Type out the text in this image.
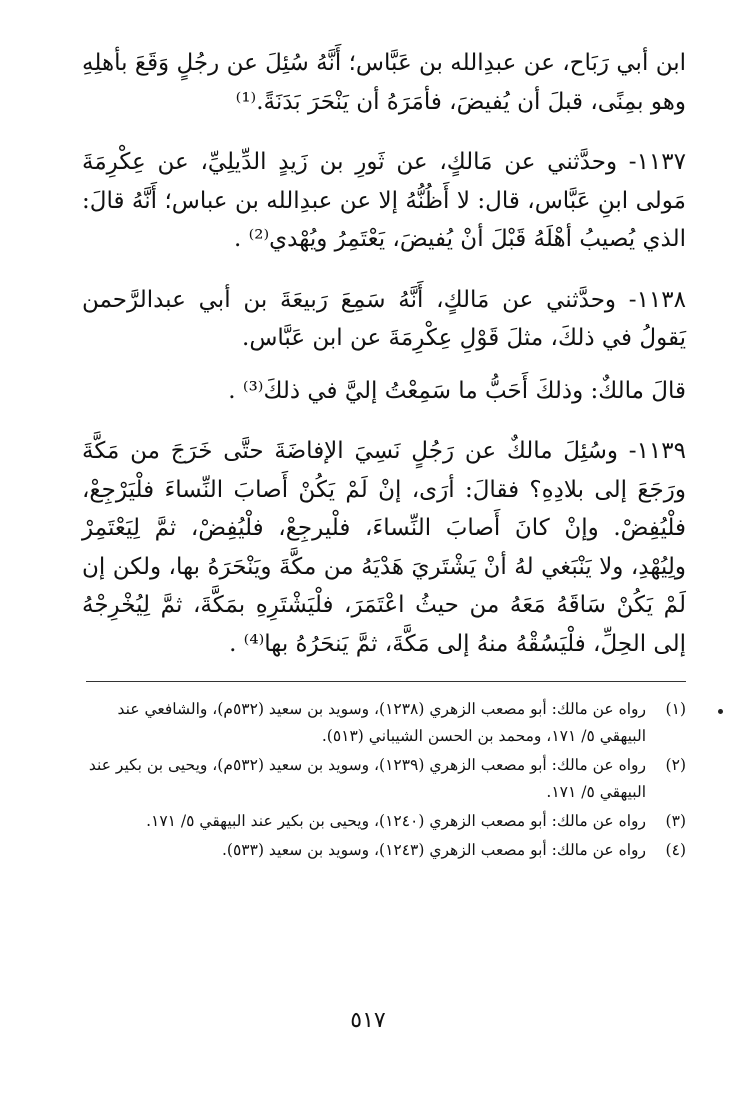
ابن أبي رَبَاح، عن عبدِالله بن عَبَّاس؛ أَنَّهُ سُئِلَ عن رجُلٍ وَقَعَ بأهلِهِ وهو بمِنًى، قبلَ أن يُفيضَ، فأمَرَهُ أن يَنْحَرَ بَدَنَةً.⁽¹⁾

١١٣٧- وحدَّثني عن مَالكٍ، عن ثَورِ بن زَيدٍ الدِّيلِيِّ، عن عِكْرِمَةَ مَولى ابنِ عَبَّاس، قال: لا أَظُنُّهُ إلا عن عبدِالله بن عباس؛ أَنَّهُ قالَ: الذي يُصيبُ أهْلَهُ قَبْلَ أنْ يُفيضَ، يَعْتَمِرُ ويُهْدي⁽²⁾ .

١١٣٨- وحدَّثني عن مَالكٍ، أَنَّهُ سَمِعَ رَبيعَةَ بن أبي عبدالرَّحمن يَقولُ في ذلكَ، مثلَ قَوْلِ عِكْرِمَةَ عن ابن عَبَّاس.

قالَ مالكٌ: وذلكَ أَحَبُّ ما سَمِعْتُ إليَّ في ذلكَ⁽³⁾ .

١١٣٩- وسُئِلَ مالكٌ عن رَجُلٍ نَسِيَ الإفاضَةَ حتَّى خَرَجَ من مَكَّةَ ورَجَعَ إلى بلادِهِ؟ فقالَ: أرَى، إنْ لَمْ يَكُنْ أَصابَ النِّساءَ فلْيَرْجِعْ، فلْيُفِضْ. وإنْ كانَ أَصابَ النِّساءَ، فلْيرجِعْ، فلْيُفِضْ، ثمَّ لِيَعْتَمِرْ ولِيُهْدِ، ولا يَنْبَغي لهُ أنْ يَشْتَريَ هَدْيَهُ من مكَّةَ ويَنْحَرَهُ بها، ولكن إن لَمْ يَكُنْ سَاقَهُ مَعَهُ من حيثُ اعْتَمَرَ، فلْيَشْتَرِهِ بمَكَّةَ، ثمَّ لِيُخْرِجْهُ إلى الحِلِّ، فلْيَسُقْهُ منهُ إلى مَكَّةَ، ثمَّ يَنحَرُهُ بها⁽⁴⁾ .

(١)
رواه عن مالك: أبو مصعب الزهري (١٢٣٨)، وسويد بن سعيد (٥٣٢م)، والشافعي عند البيهقي ٥/ ١٧١، ومحمد بن الحسن الشيباني (٥١٣).
(٢)
رواه عن مالك: أبو مصعب الزهري (١٢٣٩)، وسويد بن سعيد (٥٣٢م)، ويحيى بن بكير عند البيهقي ٥/ ١٧١.
(٣)
رواه عن مالك: أبو مصعب الزهري (١٢٤٠)، ويحيى بن بكير عند البيهقي ٥/ ١٧١.
(٤)
رواه عن مالك: أبو مصعب الزهري (١٢٤٣)، وسويد بن سعيد (٥٣٣).
٥١٧
